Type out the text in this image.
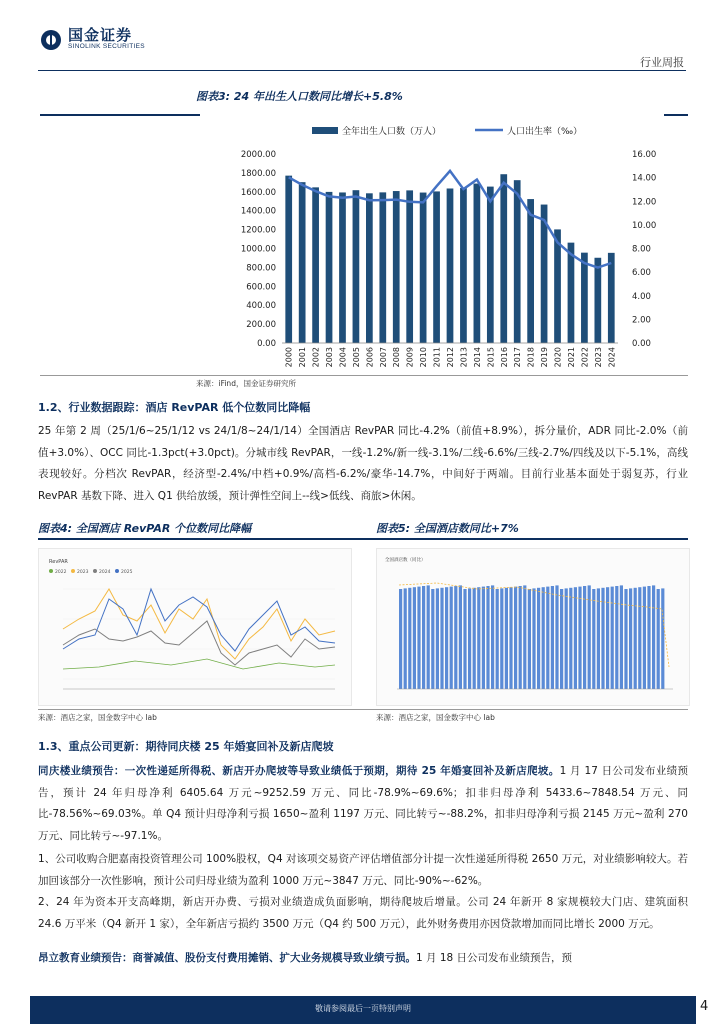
国金证券
SINOLINK SECURITIES
行业周报
图表3: 24 年出生人口数同比增长+5.8%
全年出生人口数（万人）	人口出生率（‰）
0.00
200.00
400.00
600.00
800.00
1000.00
1200.00
1400.00
1600.00
1800.00
2000.00
0.00
2.00
4.00
6.00
8.00
10.00
12.00
14.00
16.00
2000 2001 2002 2003 2004 2005 2006 2007 2008 2009 2010 2011 2012 2013 2014 2015 2016 2017 2018 2019 2020 2021 2022 2023 2024
来源：iFind，国金证券研究所
1.2、行业数据跟踪：酒店 RevPAR 低个位数同比降幅
25 年第 2 周（25/1/6~25/1/12 vs 24/1/8~24/1/14）全国酒店 RevPAR 同比-4.2%（前值+8.9%），拆分量价，ADR 同比-2.0%（前值+3.0%）、OCC 同比-1.3pct(+3.0pct)。分城市线 RevPAR，一线-1.2%/新一线-3.1%/二线-6.6%/三线-2.7%/四线及以下-5.1%，高线表现较好。分档次 RevPAR，经济型-2.4%/中档+0.9%/高档-6.2%/豪华-14.7%，中间好于两端。目前行业基本面处于弱复苏，行业 RevPAR 基数下降、进入 Q1 供给放缓，预计弹性空间上--线>低线、商旅>休闲。
图表4: 全国酒店 RevPAR 个位数同比降幅	图表5: 全国酒店数同比+7%
RevPAR
2022 2023 2024 2025
全国酒店数（同比）
来源：酒店之家，国金数字中心 lab	来源：酒店之家，国金数字中心 lab
1.3、重点公司更新：期待同庆楼 25 年婚宴回补及新店爬坡
同庆楼业绩预告：一次性递延所得税、新店开办爬坡等导致业绩低于预期，期待 25 年婚宴回补及新店爬坡。1 月 17 日公司发布业绩预告，预计 24 年归母净利 6405.64 万元~9252.59 万元、同比-78.9%~69.6%；扣非归母净利 5433.6~7848.54 万元、同比-78.56%~69.03%。单 Q4 预计归母净利亏损 1650~盈利 1197 万元、同比转亏~-88.2%，扣非归母净利亏损 2145 万元~盈利 270 万元、同比转亏~-97.1%。
1、公司收购合肥嘉南投资管理公司 100%股权，Q4 对该项交易资产评估增值部分计提一次性递延所得税 2650 万元，对业绩影响较大。若加回该部分一次性影响，预计公司归母业绩为盈利 1000 万元~3847 万元、同比-90%~-62%。
2、24 年为资本开支高峰期，新店开办费、亏损对业绩造成负面影响，期待爬坡后增量。公司 24 年新开 8 家规模较大门店、建筑面积 24.6 万平米（Q4 新开 1 家），全年新店亏损约 3500 万元（Q4 约 500 万元），此外财务费用亦因贷款增加而同比增长 2000 万元。
昂立教育业绩预告：商誉减值、股份支付费用摊销、扩大业务规模导致业绩亏损。1 月 18 日公司发布业绩预告，预
敬请参阅最后一页特别声明	4
